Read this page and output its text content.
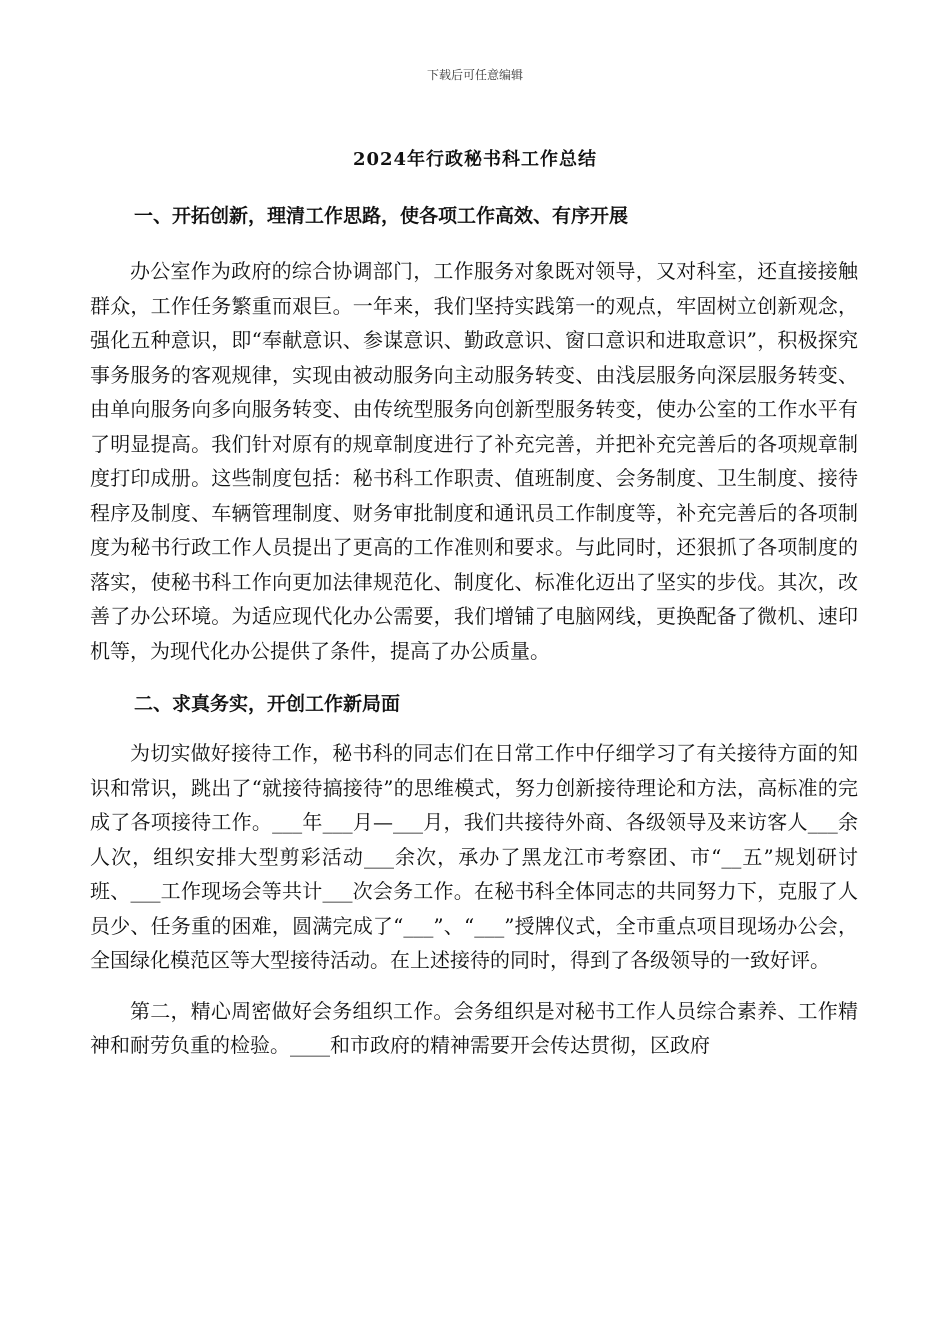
下载后可任意编辑
2024年行政秘书科工作总结
一、开拓创新，理清工作思路，使各项工作高效、有序开展

办公室作为政府的综合协调部门，工作服务对象既对领导，又对科室，还直接接触群众，工作任务繁重而艰巨。一年来，我们坚持实践第一的观点，牢固树立创新观念，强化五种意识，即“奉献意识、参谋意识、勤政意识、窗口意识和进取意识”，积极探究事务服务的客观规律，实现由被动服务向主动服务转变、由浅层服务向深层服务转变、由单向服务向多向服务转变、由传统型服务向创新型服务转变，使办公室的工作水平有了明显提高。我们针对原有的规章制度进行了补充完善，并把补充完善后的各项规章制度打印成册。这些制度包括：秘书科工作职责、值班制度、会务制度、卫生制度、接待程序及制度、车辆管理制度、财务审批制度和通讯员工作制度等，补充完善后的各项制度为秘书行政工作人员提出了更高的工作准则和要求。与此同时，还狠抓了各项制度的落实，使秘书科工作向更加法律规范化、制度化、标准化迈出了坚实的步伐。其次，改善了办公环境。为适应现代化办公需要，我们增铺了电脑网线，更换配备了微机、速印机等，为现代化办公提供了条件，提高了办公质量。

二、求真务实，开创工作新局面

为切实做好接待工作，秘书科的同志们在日常工作中仔细学习了有关接待方面的知识和常识，跳出了“就接待搞接待”的思维模式，努力创新接待理论和方法，高标准的完成了各项接待工作。___年___月—___月，我们共接待外商、各级领导及来访客人___余人次，组织安排大型剪彩活动___余次，承办了黑龙江市考察团、市“__五”规划研讨班、___工作现场会等共计___次会务工作。在秘书科全体同志的共同努力下，克服了人员少、任务重的困难，圆满完成了“___”、“___”授牌仪式，全市重点项目现场办公会，全国绿化模范区等大型接待活动。在上述接待的同时，得到了各级领导的一致好评。

第二，精心周密做好会务组织工作。会务组织是对秘书工作人员综合素养、工作精神和耐劳负重的检验。____和市政府的精神需要开会传达贯彻，区政府
